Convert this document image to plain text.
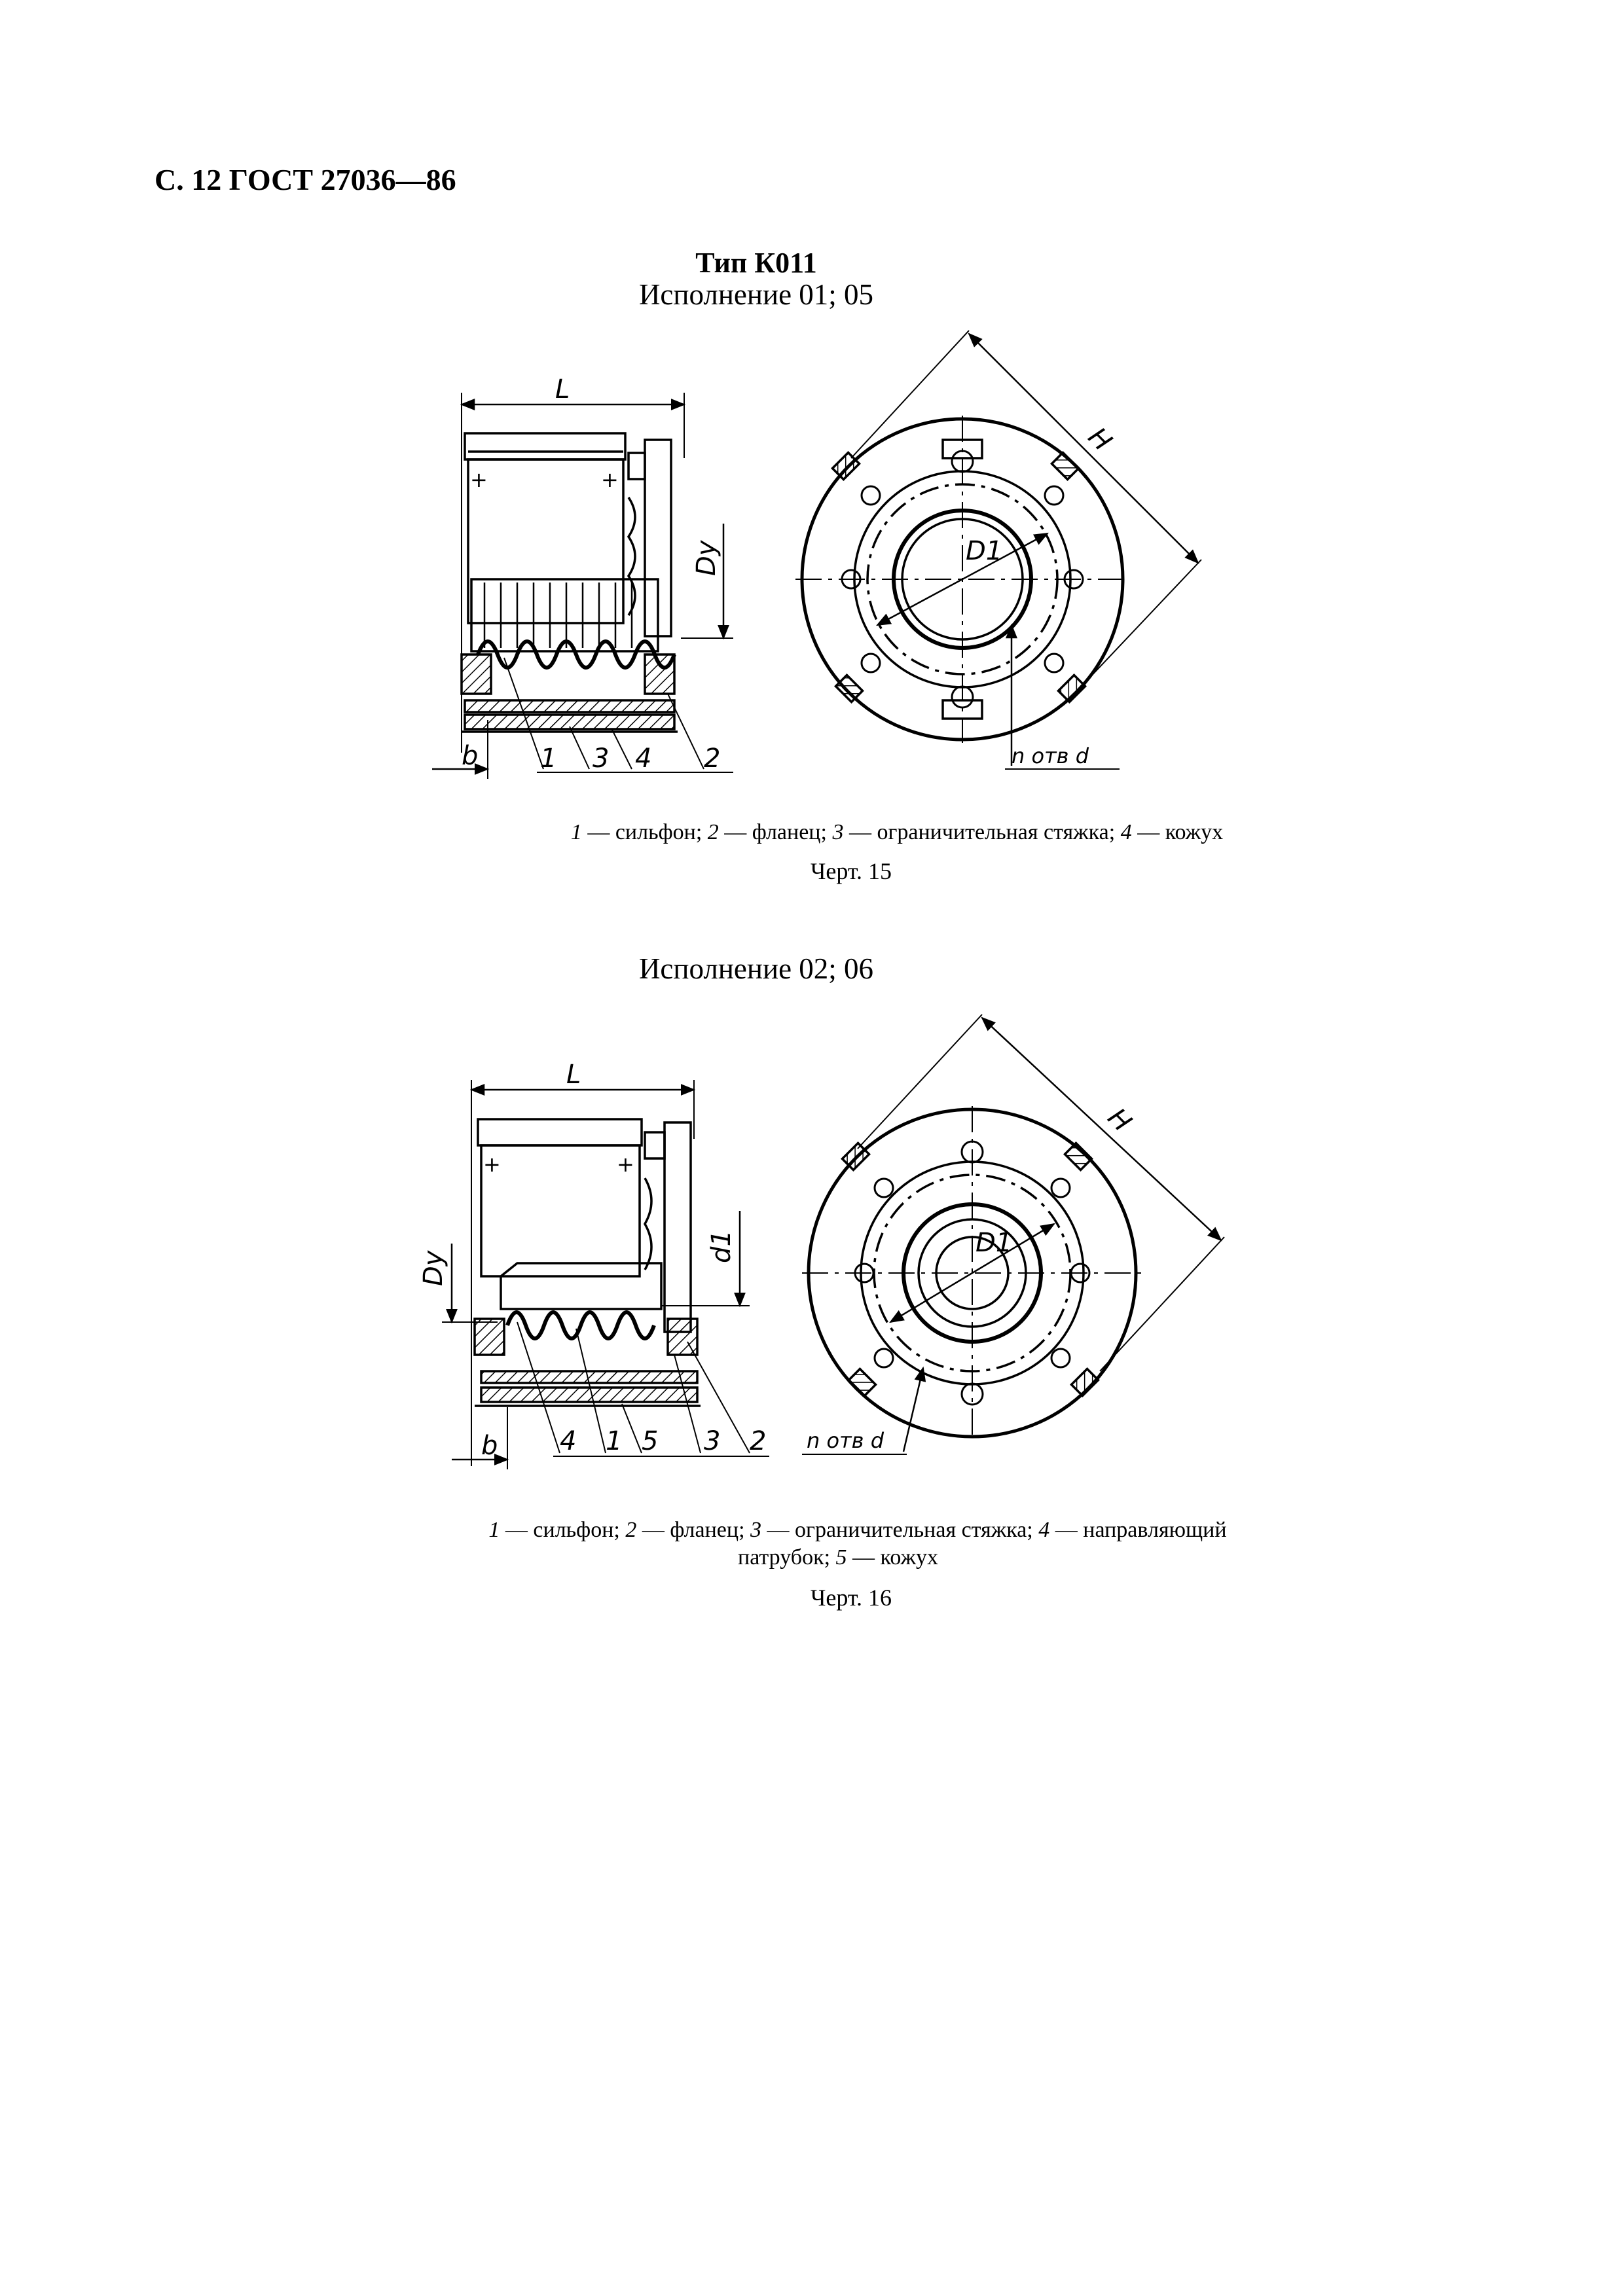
С. 12 ГОСТ 27036—86
Тип К011
Исполнение 01; 05
Исполнение 02; 06
1 — сильфон; 2 — фланец; 3 — ограничительная стяжка; 4 — кожух
Черт. 15
1 — сильфон; 2 — фланец; 3 — ограничительная стяжка; 4 — направляющий
патрубок; 5 — кожух
Черт. 16
L
+	+
Dy
b 1 3 4 2
D1
H
n отв d
L
+	+
Dy
d1
b 4 1 5 3 2
D1
H
n отв d
